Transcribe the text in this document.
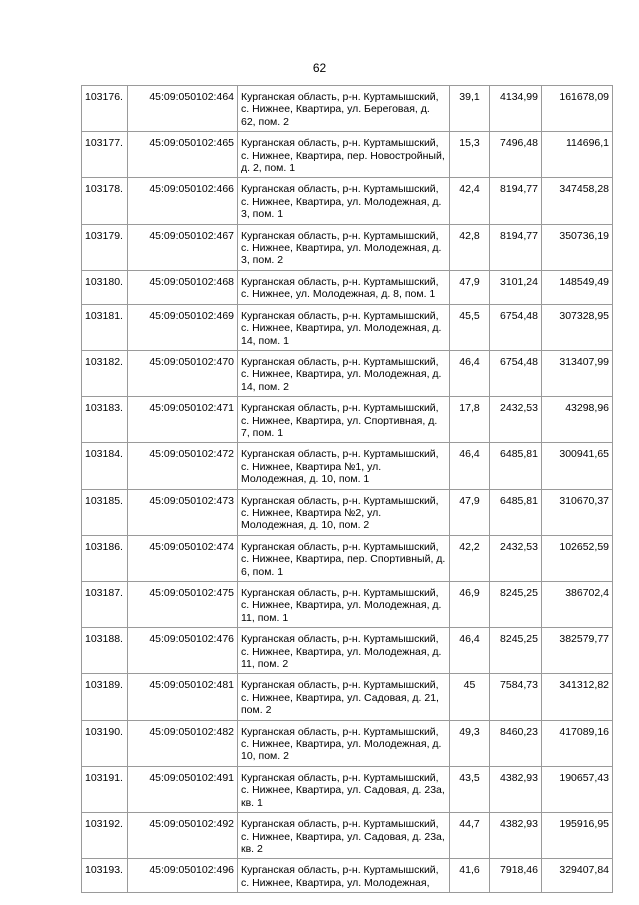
62
103176.	45:09:050102:464	Курганская область, р-н. Куртамышский, с. Нижнее, Квартира, ул. Береговая, д. 62, пом. 2	39,1	4134,99	161678,09
103177.	45:09:050102:465	Курганская область, р-н. Куртамышский, с. Нижнее, Квартира, пер. Новостройный, д. 2, пом. 1	15,3	7496,48	114696,1
103178.	45:09:050102:466	Курганская область, р-н. Куртамышский, с. Нижнее, Квартира, ул. Молодежная, д. 3, пом. 1	42,4	8194,77	347458,28
103179.	45:09:050102:467	Курганская область, р-н. Куртамышский, с. Нижнее, Квартира, ул. Молодежная, д. 3, пом. 2	42,8	8194,77	350736,19
103180.	45:09:050102:468	Курганская область, р-н. Куртамышский, с. Нижнее, ул. Молодежная, д. 8, пом. 1	47,9	3101,24	148549,49
103181.	45:09:050102:469	Курганская область, р-н. Куртамышский, с. Нижнее, Квартира, ул. Молодежная, д. 14, пом. 1	45,5	6754,48	307328,95
103182.	45:09:050102:470	Курганская область, р-н. Куртамышский, с. Нижнее, Квартира, ул. Молодежная, д. 14, пом. 2	46,4	6754,48	313407,99
103183.	45:09:050102:471	Курганская область, р-н. Куртамышский, с. Нижнее, Квартира, ул. Спортивная, д. 7, пом. 1	17,8	2432,53	43298,96
103184.	45:09:050102:472	Курганская область, р-н. Куртамышский, с. Нижнее, Квартира №1, ул. Молодежная, д. 10, пом. 1	46,4	6485,81	300941,65
103185.	45:09:050102:473	Курганская область, р-н. Куртамышский, с. Нижнее, Квартира №2, ул. Молодежная, д. 10, пом. 2	47,9	6485,81	310670,37
103186.	45:09:050102:474	Курганская область, р-н. Куртамышский, с. Нижнее, Квартира, пер. Спортивный, д. 6, пом. 1	42,2	2432,53	102652,59
103187.	45:09:050102:475	Курганская область, р-н. Куртамышский, с. Нижнее, Квартира, ул. Молодежная, д. 11, пом. 1	46,9	8245,25	386702,4
103188.	45:09:050102:476	Курганская область, р-н. Куртамышский, с. Нижнее, Квартира, ул. Молодежная, д. 11, пом. 2	46,4	8245,25	382579,77
103189.	45:09:050102:481	Курганская область, р-н. Куртамышский, с. Нижнее, Квартира, ул. Садовая, д. 21, пом. 2	45	7584,73	341312,82
103190.	45:09:050102:482	Курганская область, р-н. Куртамышский, с. Нижнее, Квартира, ул. Молодежная, д. 10, пом. 2	49,3	8460,23	417089,16
103191.	45:09:050102:491	Курганская область, р-н. Куртамышский, с. Нижнее, Квартира, ул. Садовая, д. 23а, кв. 1	43,5	4382,93	190657,43
103192.	45:09:050102:492	Курганская область, р-н. Куртамышский, с. Нижнее, Квартира, ул. Садовая, д. 23а, кв. 2	44,7	4382,93	195916,95
103193.	45:09:050102:496	Курганская область, р-н. Куртамышский, с. Нижнее, Квартира, ул. Молодежная,	41,6	7918,46	329407,84
